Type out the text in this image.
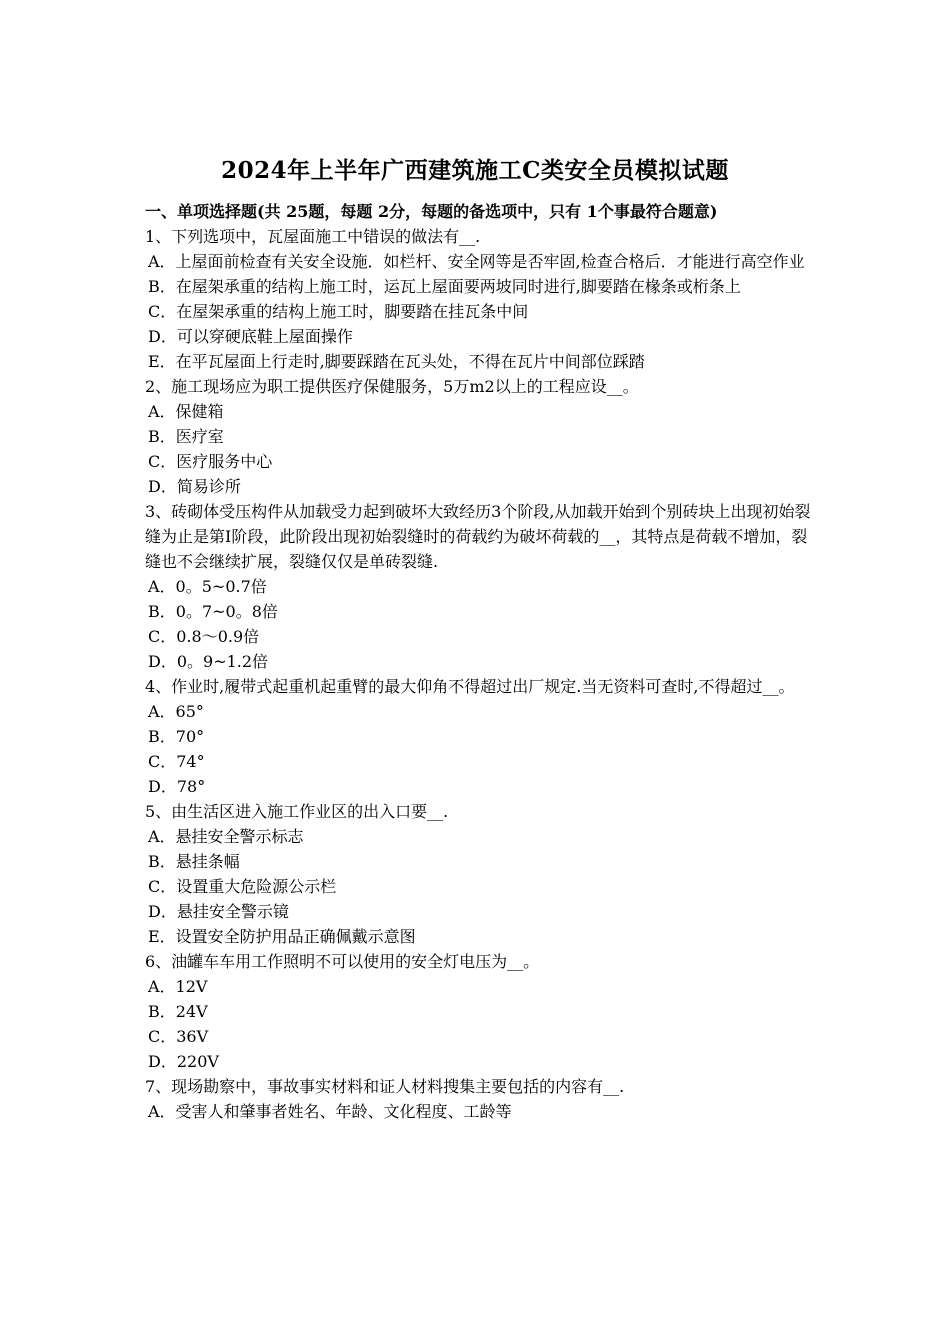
2024年上半年广西建筑施工C类安全员模拟试题
一、单项选择题(共 25题，每题 2分，每题的备选项中，只有 1个事最符合题意)
1、下列选项中，瓦屋面施工中错误的做法有__.
A．上屋面前检查有关安全设施．如栏杆、安全网等是否牢固,检查合格后．才能进行高空作业
B．在屋架承重的结构上施工时，运瓦上屋面要两坡同时进行,脚要踏在椽条或桁条上
C．在屋架承重的结构上施工时，脚要踏在挂瓦条中间
D．可以穿硬底鞋上屋面操作
E．在平瓦屋面上行走时,脚要踩踏在瓦头处，不得在瓦片中间部位踩踏
2、施工现场应为职工提供医疗保健服务，5万m2以上的工程应设__。
A．保健箱
B．医疗室
C．医疗服务中心
D．简易诊所
3、砖砌体受压构件从加载受力起到破坏大致经历3个阶段,从加载开始到个别砖块上出现初始裂缝为止是第Ⅰ阶段，此阶段出现初始裂缝时的荷载约为破坏荷载的__，其特点是荷载不增加，裂缝也不会继续扩展，裂缝仅仅是单砖裂缝.
A．0。5~0.7倍
B．0。7~0。8倍
C．0.8～0.9倍
D．0。9~1.2倍
4、作业时,履带式起重机起重臂的最大仰角不得超过出厂规定.当无资料可查时,不得超过__。
A．65°
B．70°
C．74°
D．78°
5、由生活区进入施工作业区的出入口要__.
A．悬挂安全警示标志
B．悬挂条幅
C．设置重大危险源公示栏
D．悬挂安全警示镜
E．设置安全防护用品正确佩戴示意图
6、油罐车车用工作照明不可以使用的安全灯电压为__。
A．12V
B．24V
C．36V
D．220V
7、现场勘察中，事故事实材料和证人材料搜集主要包括的内容有__.
A．受害人和肇事者姓名、年龄、文化程度、工龄等
